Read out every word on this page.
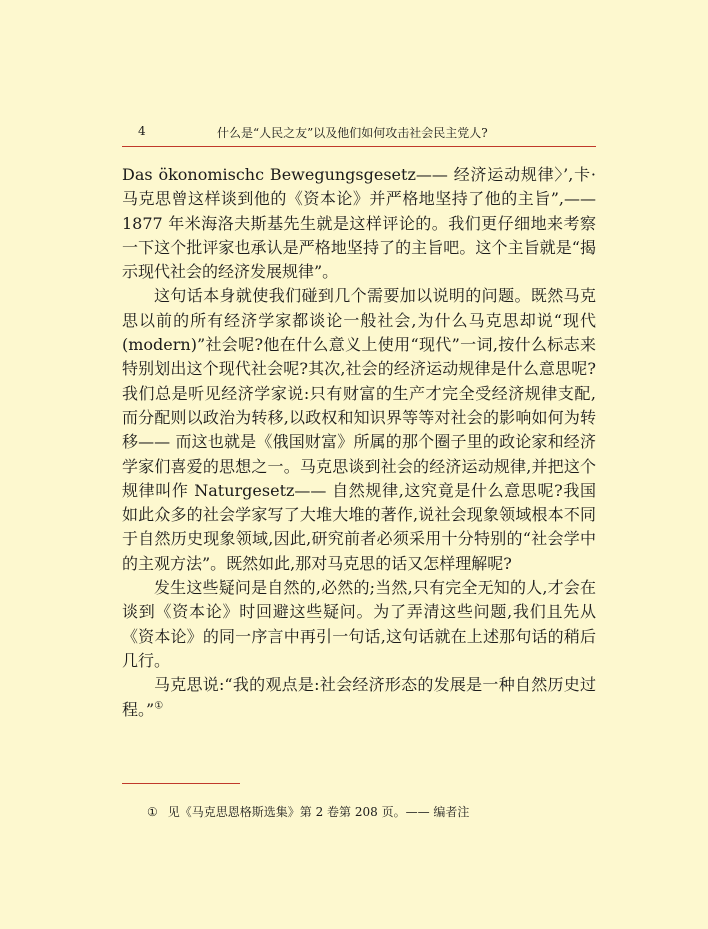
4	什么是“人民之友”以及他们如何攻击社会民主党人?

Das ökonomischc Bewegungsgesetz—— 经济运动规律〉’,卡·马克思曾这样谈到他的《资本论》并严格地坚持了他的主旨”,—— 1877 年米海洛夫斯基先生就是这样评论的。我们更仔细地来考察一下这个批评家也承认是严格地坚持了的主旨吧。这个主旨就是“揭示现代社会的经济发展规律”。

这句话本身就使我们碰到几个需要加以说明的问题。既然马克思以前的所有经济学家都谈论一般社会,为什么马克思却说“现代(modern)”社会呢?他在什么意义上使用“现代”一词,按什么标志来特别划出这个现代社会呢?其次,社会的经济运动规律是什么意思呢?我们总是听见经济学家说:只有财富的生产才完全受经济规律支配,而分配则以政治为转移,以政权和知识界等等对社会的影响如何为转移—— 而这也就是《俄国财富》所属的那个圈子里的政论家和经济学家们喜爱的思想之一。马克思谈到社会的经济运动规律,并把这个规律叫作 Naturgesetz—— 自然规律,这究竟是什么意思呢?我国如此众多的社会学家写了大堆大堆的著作,说社会现象领域根本不同于自然历史现象领域,因此,研究前者必须采用十分特别的“社会学中的主观方法”。既然如此,那对马克思的话又怎样理解呢?

发生这些疑问是自然的,必然的;当然,只有完全无知的人,才会在谈到《资本论》时回避这些疑问。为了弄清这些问题,我们且先从《资本论》的同一序言中再引一句话,这句话就在上述那句话的稍后几行。

马克思说:“我的观点是:社会经济形态的发展是一种自然历史过程。”①

① 见《马克思恩格斯选集》第 2 卷第 208 页。—— 编者注
